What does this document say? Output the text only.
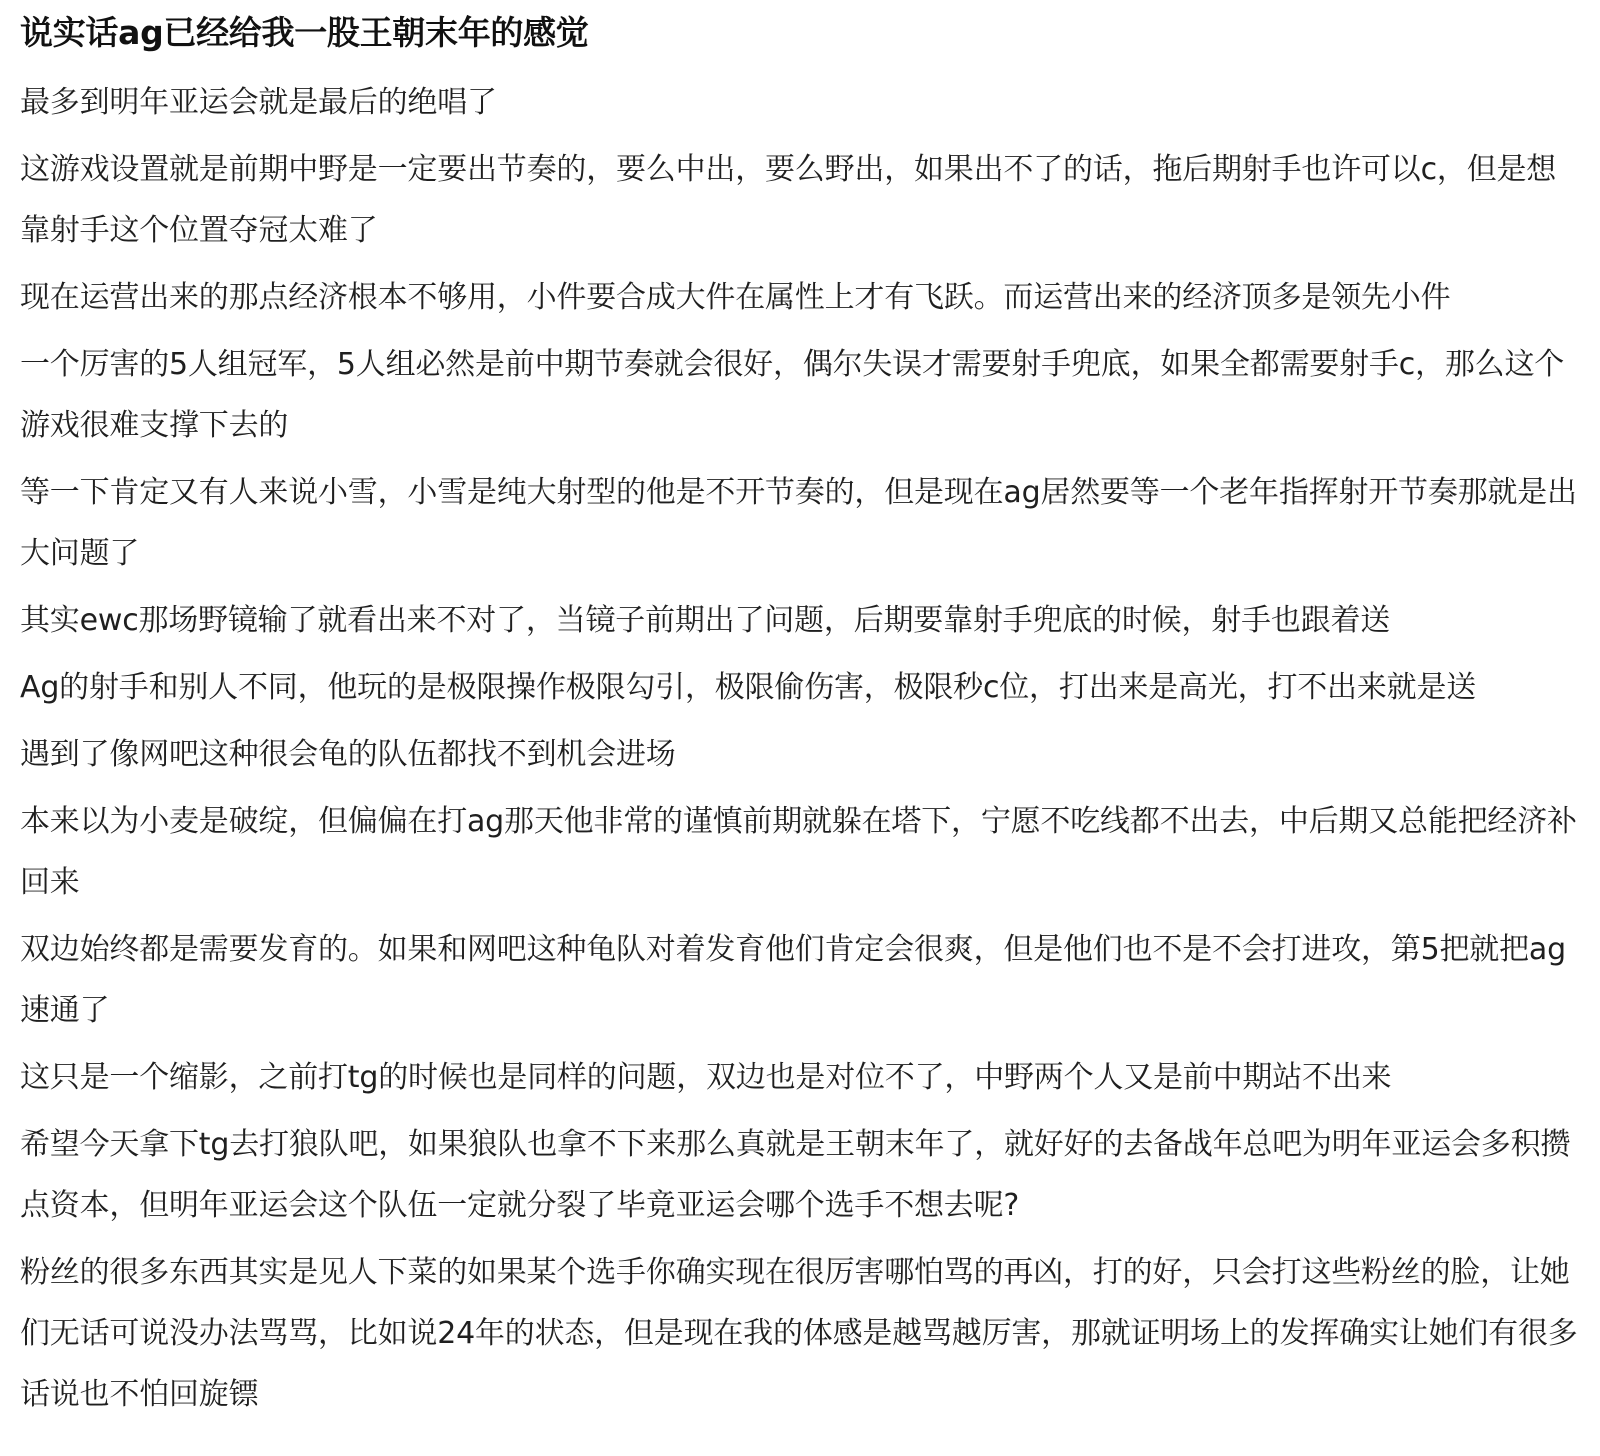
说实话ag已经给我一股王朝末年的感觉

最多到明年亚运会就是最后的绝唱了

这游戏设置就是前期中野是一定要出节奏的，要么中出，要么野出，如果出不了的话，拖后期射手也许可以c，但是想靠射手这个位置夺冠太难了

现在运营出来的那点经济根本不够用，小件要合成大件在属性上才有飞跃。而运营出来的经济顶多是领先小件

一个厉害的5人组冠军，5人组必然是前中期节奏就会很好，偶尔失误才需要射手兜底，如果全都需要射手c，那么这个游戏很难支撑下去的

等一下肯定又有人来说小雪，小雪是纯大射型的他是不开节奏的，但是现在ag居然要等一个老年指挥射开节奏那就是出大问题了

其实ewc那场野镜输了就看出来不对了，当镜子前期出了问题，后期要靠射手兜底的时候，射手也跟着送

Ag的射手和别人不同，他玩的是极限操作极限勾引，极限偷伤害，极限秒c位，打出来是高光，打不出来就是送

遇到了像网吧这种很会龟的队伍都找不到机会进场

本来以为小麦是破绽，但偏偏在打ag那天他非常的谨慎前期就躲在塔下，宁愿不吃线都不出去，中后期又总能把经济补回来

双边始终都是需要发育的。如果和网吧这种龟队对着发育他们肯定会很爽，但是他们也不是不会打进攻，第5把就把ag速通了

这只是一个缩影，之前打tg的时候也是同样的问题，双边也是对位不了，中野两个人又是前中期站不出来

希望今天拿下tg去打狼队吧，如果狼队也拿不下来那么真就是王朝末年了，就好好的去备战年总吧为明年亚运会多积攒点资本，但明年亚运会这个队伍一定就分裂了毕竟亚运会哪个选手不想去呢?

粉丝的很多东西其实是见人下菜的如果某个选手你确实现在很厉害哪怕骂的再凶，打的好，只会打这些粉丝的脸，让她们无话可说没办法骂骂，比如说24年的状态，但是现在我的体感是越骂越厉害，那就证明场上的发挥确实让她们有很多话说也不怕回旋镖
